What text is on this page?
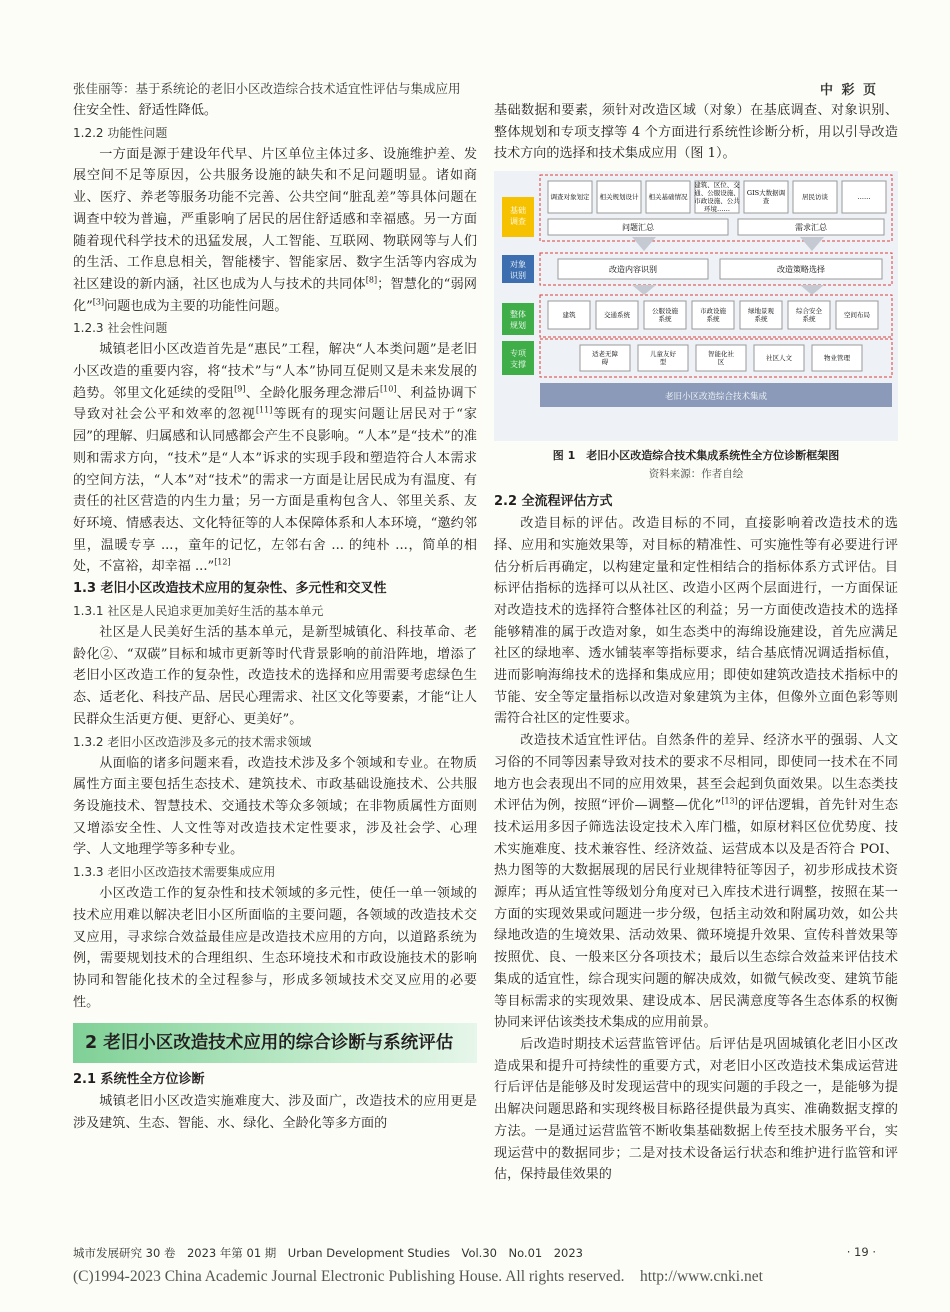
张佳丽等：基于系统论的老旧小区改造综合技术适宜性评估与集成应用	中 彩 页

住安全性、舒适性降低。

1.2.2 功能性问题

一方面是源于建设年代早、片区单位主体过多、设施维护差、发展空间不足等原因，公共服务设施的缺失和不足问题明显。诸如商业、医疗、养老等服务功能不完善、公共空间“脏乱差”等具体问题在调查中较为普遍，严重影响了居民的居住舒适感和幸福感。另一方面随着现代科学技术的迅猛发展，人工智能、互联网、物联网等与人们的生活、工作息息相关，智能楼宇、智能家居、数字生活等内容成为社区建设的新内涵，社区也成为人与技术的共同体[8]；智慧化的“弱网化”[3]问题也成为主要的功能性问题。

1.2.3 社会性问题

城镇老旧小区改造首先是“惠民”工程，解决“人本类问题”是老旧小区改造的重要内容，将“技术”与“人本”协同互促则又是未来发展的趋势。邻里文化延续的受阻[9]、全龄化服务理念滞后[10]、利益协调下导致对社会公平和效率的忽视[11]等既有的现实问题让居民对于“家园”的理解、归属感和认同感都会产生不良影响。“人本”是“技术”的准则和需求方向，“技术”是“人本”诉求的实现手段和塑造符合人本需求的空间方法，“人本”对“技术”的需求一方面是让居民成为有温度、有责任的社区营造的内生力量；另一方面是重构包含人、邻里关系、友好环境、情感表达、文化特征等的人本保障体系和人本环境，“邀约邻里，温暖专享 ...，童年的记忆，左邻右舍 ... 的纯朴 ...，简单的相处，不富裕，却幸福 ...”[12]

1.3 老旧小区改造技术应用的复杂性、多元性和交叉性

1.3.1 社区是人民追求更加美好生活的基本单元

社区是人民美好生活的基本单元，是新型城镇化、科技革命、老龄化②、“双碳”目标和城市更新等时代背景影响的前沿阵地，增添了老旧小区改造工作的复杂性，改造技术的选择和应用需要考虑绿色生态、适老化、科技产品、居民心理需求、社区文化等要素，才能“让人民群众生活更方便、更舒心、更美好”。

1.3.2 老旧小区改造涉及多元的技术需求领域

从面临的诸多问题来看，改造技术涉及多个领域和专业。在物质属性方面主要包括生态技术、建筑技术、市政基础设施技术、公共服务设施技术、智慧技术、交通技术等众多领域；在非物质属性方面则又增添安全性、人文性等对改造技术定性要求，涉及社会学、心理学、人文地理学等多种专业。

1.3.3 老旧小区改造技术需要集成应用

小区改造工作的复杂性和技术领域的多元性，使任一单一领域的技术应用难以解决老旧小区所面临的主要问题，各领域的改造技术交叉应用，寻求综合效益最佳应是改造技术应用的方向，以道路系统为例，需要规划技术的合理组织、生态环境技术和市政设施技术的影响协同和智能化技术的全过程参与，形成多领域技术交叉应用的必要性。

2 老旧小区改造技术应用的综合诊断与系统评估

2.1 系统性全方位诊断

城镇老旧小区改造实施难度大、涉及面广，改造技术的应用更是涉及建筑、生态、智能、水、绿化、全龄化等多方面的

基础数据和要素，须针对改造区域（对象）在基底调查、对象识别、整体规划和专项支撑等 4 个方面进行系统性诊断分析，用以引导改造技术方向的选择和技术集成应用（图 1）。

基础调查
对象识别
整体规划
专项支撑
调查对象划定 相关规划设计 相关基础情况
建筑、区位、交通、公服设施、市政设施、公共环境……
GIS大数据调查	居民访谈	……
问题汇总	需求汇总
改造内容识别	改造策略选择
建筑	交通系统	公服设施系统
市政设施系统
绿地景观系统
综合安全系统	空间布局
适老无障碍
儿童友好型
智能化社区	社区人文	物业管理
老旧小区改造综合技术集成
图 1　老旧小区改造综合技术集成系统性全方位诊断框架图
资料来源：作者自绘

2.2 全流程评估方式

改造目标的评估。改造目标的不同，直接影响着改造技术的选择、应用和实施效果等，对目标的精准性、可实施性等有必要进行评估分析后再确定，以构建定量和定性相结合的指标体系方式评估。目标评估指标的选择可以从社区、改造小区两个层面进行，一方面保证对改造技术的选择符合整体社区的利益；另一方面使改造技术的选择能够精准的属于改造对象，如生态类中的海绵设施建设，首先应满足社区的绿地率、透水铺装率等指标要求，结合基底情况调适指标值，进而影响海绵技术的选择和集成应用；即使如建筑改造技术指标中的节能、安全等定量指标以改造对象建筑为主体，但像外立面色彩等则需符合社区的定性要求。

改造技术适宜性评估。自然条件的差异、经济水平的强弱、人文习俗的不同等因素导致对技术的要求不尽相同，即使同一技术在不同地方也会表现出不同的应用效果，甚至会起到负面效果。以生态类技术评估为例，按照“评价—调整—优化”[13]的评估逻辑，首先针对生态技术运用多因子筛选法设定技术入库门槛，如原材料区位优势度、技术实施难度、技术兼容性、经济效益、运营成本以及是否符合 POI、热力图等的大数据展现的居民行业规律特征等因子，初步形成技术资源库；再从适宜性等级划分角度对已入库技术进行调整，按照在某一方面的实现效果或问题进一步分级，包括主动效和附属功效，如公共绿地改造的生境效果、活动效果、微环境提升效果、宣传科普效果等按照优、良、一般来区分各项技术；最后以生态综合效益来评估技术集成的适宜性，综合现实问题的解决成效，如微气候改变、建筑节能等目标需求的实现效果、建设成本、居民满意度等各生态体系的权衡协同来评估该类技术集成的应用前景。

后改造时期技术运营监管评估。后评估是巩固城镇化老旧小区改造成果和提升可持续性的重要方式，对老旧小区改造技术集成运营进行后评估是能够及时发现运营中的现实问题的手段之一，是能够为提出解决问题思路和实现终极目标路径提供最为真实、准确数据支撑的方法。一是通过运营监管不断收集基础数据上传至技术服务平台，实现运营中的数据同步；二是对技术设备运行状态和维护进行监管和评估，保持最佳效果的

城市发展研究 30 卷　2023 年第 01 期　Urban Development Studies　Vol.30　No.01　2023	· 19 ·
(C)1994-2023 China Academic Journal Electronic Publishing House. All rights reserved.　http://www.cnki.net
